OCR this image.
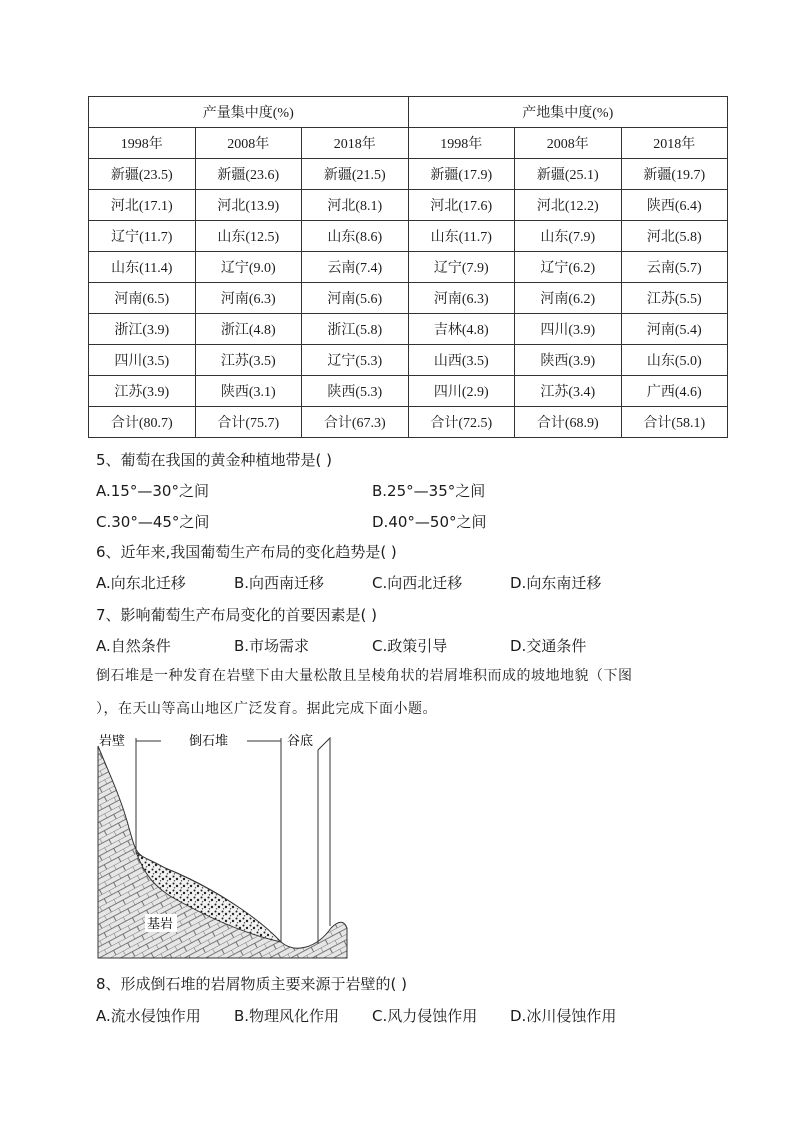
产量集中度(%)			产地集中度(%)		
1998年	2008年	2018年	1998年	2008年	2018年
新疆(23.5)	新疆(23.6)	新疆(21.5)	新疆(17.9)	新疆(25.1)	新疆(19.7)
河北(17.1)	河北(13.9)	河北(8.1)	河北(17.6)	河北(12.2)	陕西(6.4)
辽宁(11.7)	山东(12.5)	山东(8.6)	山东(11.7)	山东(7.9)	河北(5.8)
山东(11.4)	辽宁(9.0)	云南(7.4)	辽宁(7.9)	辽宁(6.2)	云南(5.7)
河南(6.5)	河南(6.3)	河南(5.6)	河南(6.3)	河南(6.2)	江苏(5.5)
浙江(3.9)	浙江(4.8)	浙江(5.8)	吉林(4.8)	四川(3.9)	河南(5.4)
四川(3.5)	江苏(3.5)	辽宁(5.3)	山西(3.5)	陕西(3.9)	山东(5.0)
江苏(3.9)	陕西(3.1)	陕西(5.3)	四川(2.9)	江苏(3.4)	广西(4.6)
合计(80.7)	合计(75.7)	合计(67.3)	合计(72.5)	合计(68.9)	合计(58.1)
5、葡萄在我国的黄金种植地带是( )
A.15°—30°之间	B.25°—35°之间
C.30°—45°之间	D.40°—50°之间
6、近年来,我国葡萄生产布局的变化趋势是( )
A.向东北迁移	B.向西南迁移	C.向西北迁移	D.向东南迁移
7、影响葡萄生产布局变化的首要因素是( )
A.自然条件	B.市场需求	C.政策引导	D.交通条件
倒石堆是一种发育在岩壁下由大量松散且呈棱角状的岩屑堆积而成的坡地地貌（下图
），在天山等高山地区广泛发育。据此完成下面小题。
岩壁	倒石堆	谷底
基岩
8、形成倒石堆的岩屑物质主要来源于岩壁的( )
A.流水侵蚀作用 B.物理风化作用 C.风力侵蚀作用 D.冰川侵蚀作用
